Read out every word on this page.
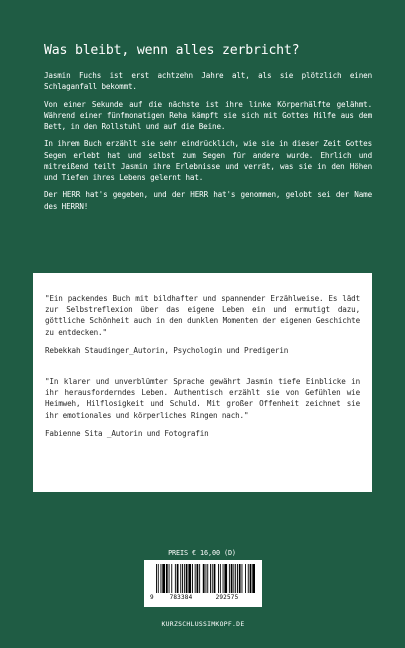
Was bleibt, wenn alles zerbricht?

Jasmin Fuchs ist erst achtzehn Jahre alt, als sie plötzlich einen Schlaganfall bekommt.

Von einer Sekunde auf die nächste ist ihre linke Körperhälfte gelähmt. Während einer fünfmonatigen Reha kämpft sie sich mit Gottes Hilfe aus dem Bett, in den Rollstuhl und auf die Beine.

In ihrem Buch erzählt sie sehr eindrücklich, wie sie in dieser Zeit Gottes Segen erlebt hat und selbst zum Segen für andere wurde. Ehrlich und mitreißend teilt Jasmin ihre Erlebnisse und verrät, was sie in den Höhen und Tiefen ihres Lebens gelernt hat.

Der HERR hat's gegeben, und der HERR hat's genommen, gelobt sei der Name des HERRN!

"Ein packendes Buch mit bildhafter und spannender Erzählweise. Es lädt zur Selbstreflexion über das eigene Leben ein und ermutigt dazu, göttliche Schönheit auch in den dunklen Momenten der eigenen Geschichte zu entdecken."

Rebekkah Staudinger_Autorin, Psychologin und Predigerin

"In klarer und unverblümter Sprache gewährt Jasmin tiefe Einblicke in ihr herausforderndes Leben. Authentisch erzählt sie von Gefühlen wie Heimweh, Hilflosigkeit und Schuld. Mit großer Offenheit zeichnet sie ihr emotionales und körperliches Ringen nach."

Fabienne Sita _Autorin und Fotografin

PREIS € 16,00 (D)
9	783384	292575
KURZSCHLUSSIMKOPF.DE
